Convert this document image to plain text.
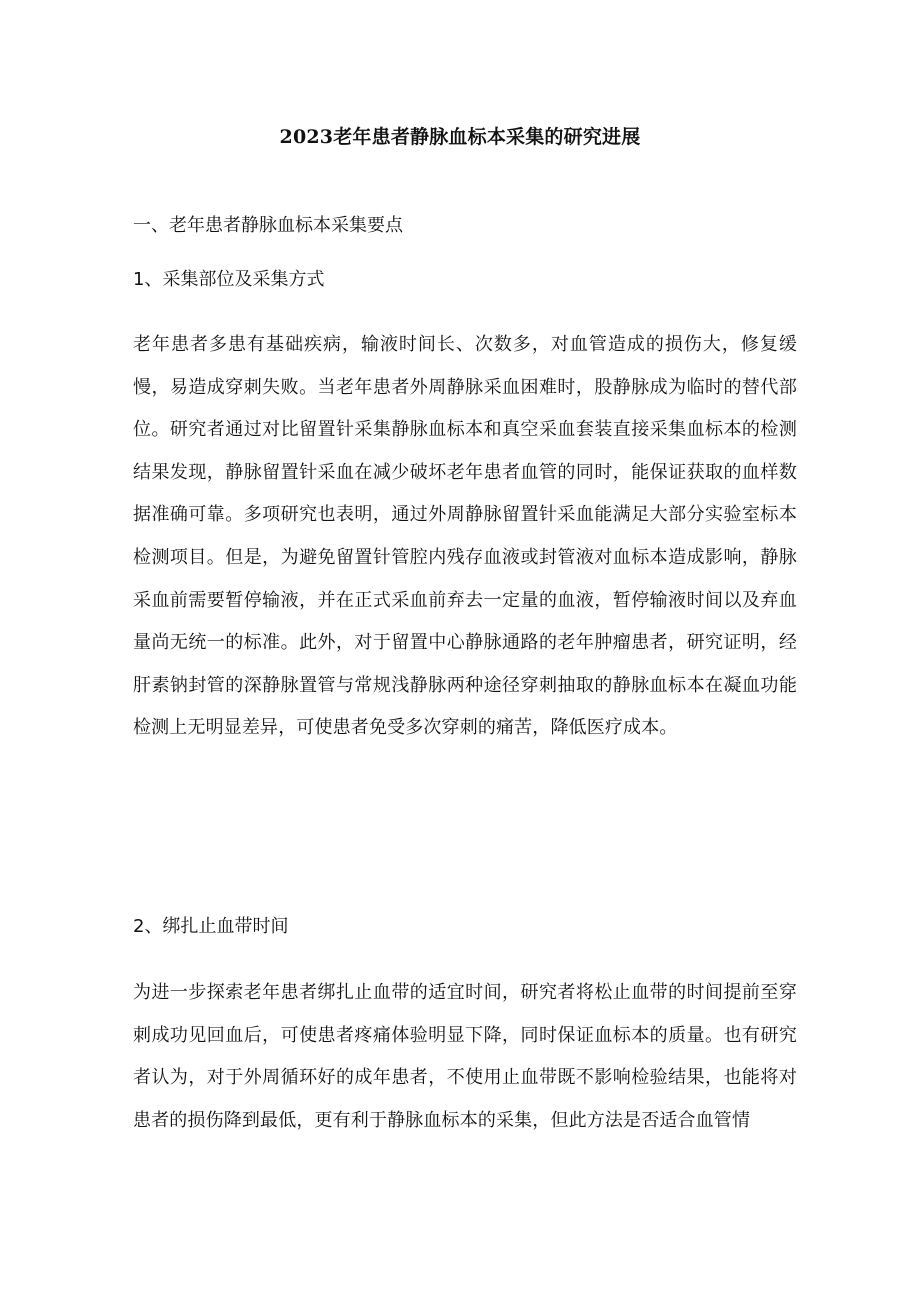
2023老年患者静脉血标本采集的研究进展
一、老年患者静脉血标本采集要点
1、采集部位及采集方式

老年患者多患有基础疾病，输液时间长、次数多，对血管造成的损伤大，修复缓慢，易造成穿刺失败。当老年患者外周静脉采血困难时，股静脉成为临时的替代部位。研究者通过对比留置针采集静脉血标本和真空采血套装直接采集血标本的检测结果发现，静脉留置针采血在减少破坏老年患者血管的同时，能保证获取的血样数据准确可靠。多项研究也表明，通过外周静脉留置针采血能满足大部分实验室标本检测项目。但是，为避免留置针管腔内残存血液或封管液对血标本造成影响，静脉采血前需要暂停输液，并在正式采血前弃去一定量的血液，暂停输液时间以及弃血量尚无统一的标准。此外，对于留置中心静脉通路的老年肿瘤患者，研究证明，经肝素钠封管的深静脉置管与常规浅静脉两种途径穿刺抽取的静脉血标本在凝血功能检测上无明显差异，可使患者免受多次穿刺的痛苦，降低医疗成本。

2、绑扎止血带时间

为进一步探索老年患者绑扎止血带的适宜时间，研究者将松止血带的时间提前至穿刺成功见回血后，可使患者疼痛体验明显下降，同时保证血标本的质量。也有研究者认为，对于外周循环好的成年患者，不使用止血带既不影响检验结果，也能将对患者的损伤降到最低，更有利于静脉血标本的采集，但此方法是否适合血管情
